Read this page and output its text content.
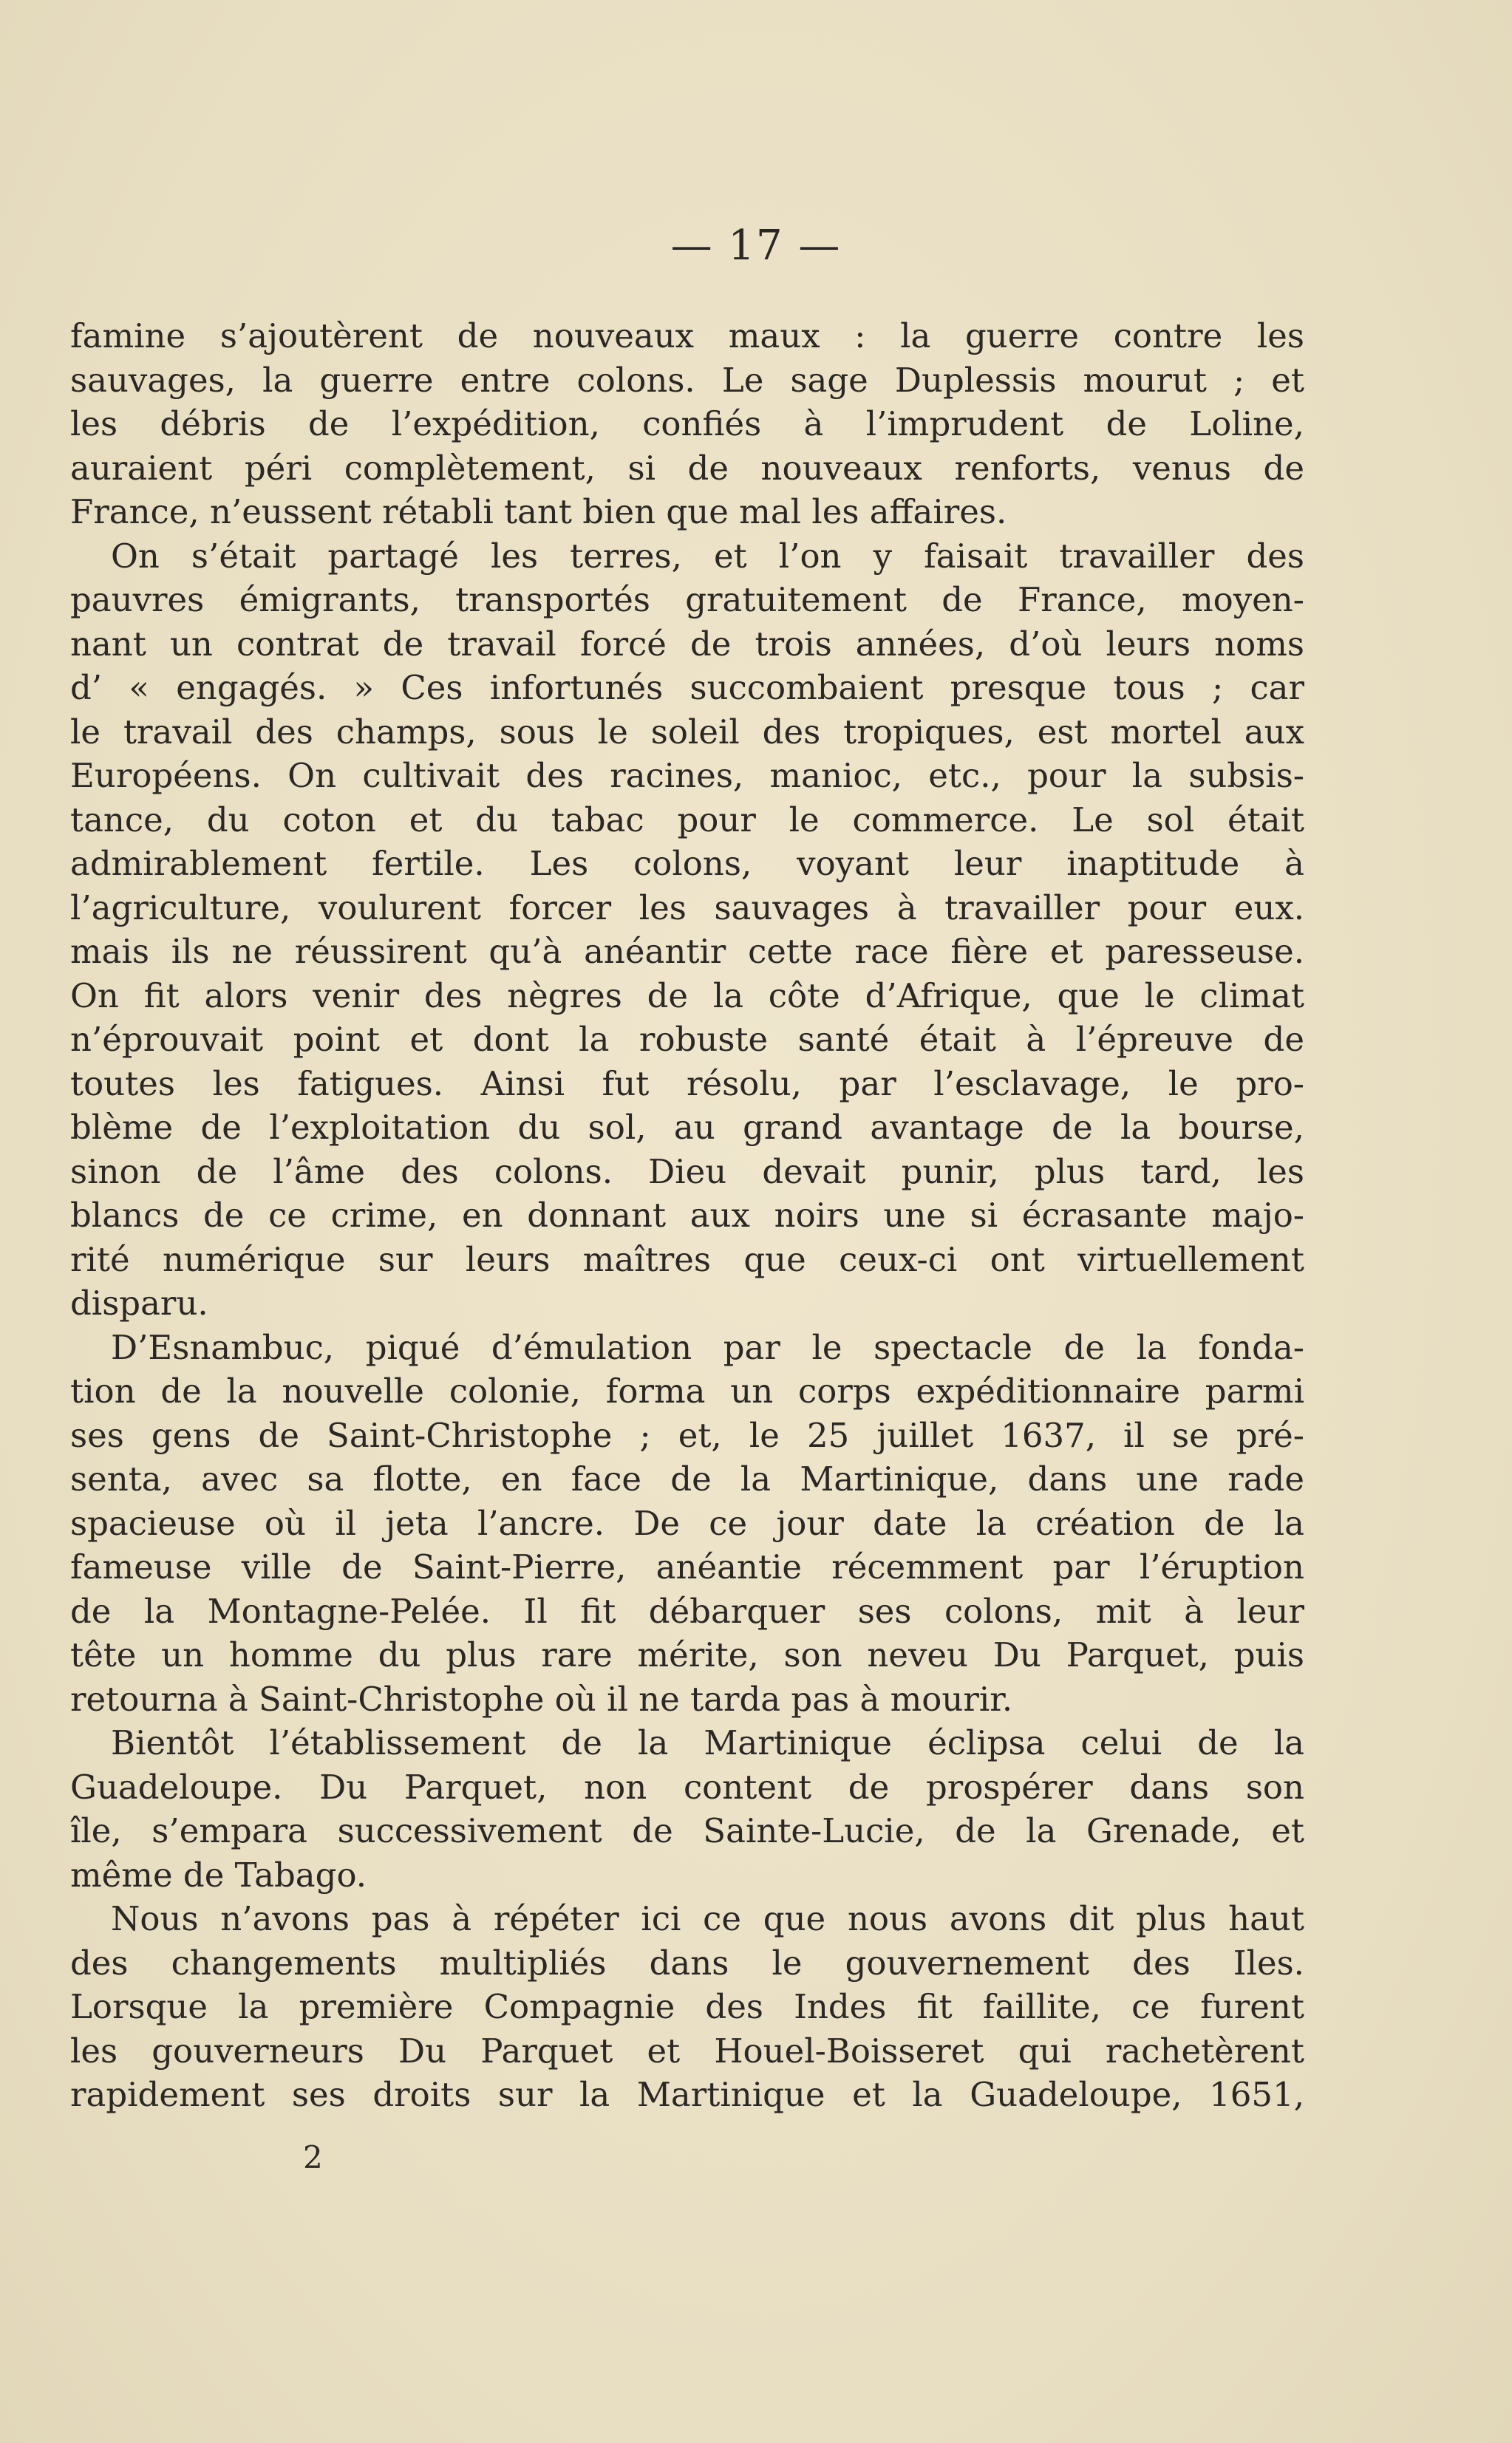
— 17 —
famine s’ajoutèrent de nouveaux maux : la guerre contre les
sauvages, la guerre entre colons. Le sage Duplessis mourut ; et
les débris de l’expédition, confiés à l’imprudent de Loline,
auraient péri complètement, si de nouveaux renforts, venus de
France, n’eussent rétabli tant bien que mal les affaires.
On s’était partagé les terres, et l’on y faisait travailler des
pauvres émigrants, transportés gratuitement de France, moyen-
nant un contrat de travail forcé de trois années, d’où leurs noms
d’ « engagés. » Ces infortunés succombaient presque tous ; car
le travail des champs, sous le soleil des tropiques, est mortel aux
Européens. On cultivait des racines, manioc, etc., pour la subsis-
tance, du coton et du tabac pour le commerce. Le sol était
admirablement fertile. Les colons, voyant leur inaptitude à
l’agriculture, voulurent forcer les sauvages à travailler pour eux.
mais ils ne réussirent qu’à anéantir cette race fière et paresseuse.
On fit alors venir des nègres de la côte d’Afrique, que le climat
n’éprouvait point et dont la robuste santé était à l’épreuve de
toutes les fatigues. Ainsi fut résolu, par l’esclavage, le pro-
blème de l’exploitation du sol, au grand avantage de la bourse,
sinon de l’âme des colons. Dieu devait punir, plus tard, les
blancs de ce crime, en donnant aux noirs une si écrasante majo-
rité numérique sur leurs maîtres que ceux-ci ont virtuellement
disparu.
D’Esnambuc, piqué d’émulation par le spectacle de la fonda-
tion de la nouvelle colonie, forma un corps expéditionnaire parmi
ses gens de Saint-Christophe ; et, le 25 juillet 1637, il se pré-
senta, avec sa flotte, en face de la Martinique, dans une rade
spacieuse où il jeta l’ancre. De ce jour date la création de la
fameuse ville de Saint-Pierre, anéantie récemment par l’éruption
de la Montagne-Pelée. Il fit débarquer ses colons, mit à leur
tête un homme du plus rare mérite, son neveu Du Parquet, puis
retourna à Saint-Christophe où il ne tarda pas à mourir.
Bientôt l’établissement de la Martinique éclipsa celui de la
Guadeloupe. Du Parquet, non content de prospérer dans son
île, s’empara successivement de Sainte-Lucie, de la Grenade, et
même de Tabago.
Nous n’avons pas à répéter ici ce que nous avons dit plus haut
des changements multipliés dans le gouvernement des Iles.
Lorsque la première Compagnie des Indes fit faillite, ce furent
les gouverneurs Du Parquet et Houel-Boisseret qui rachetèrent
rapidement ses droits sur la Martinique et la Guadeloupe, 1651,
2
